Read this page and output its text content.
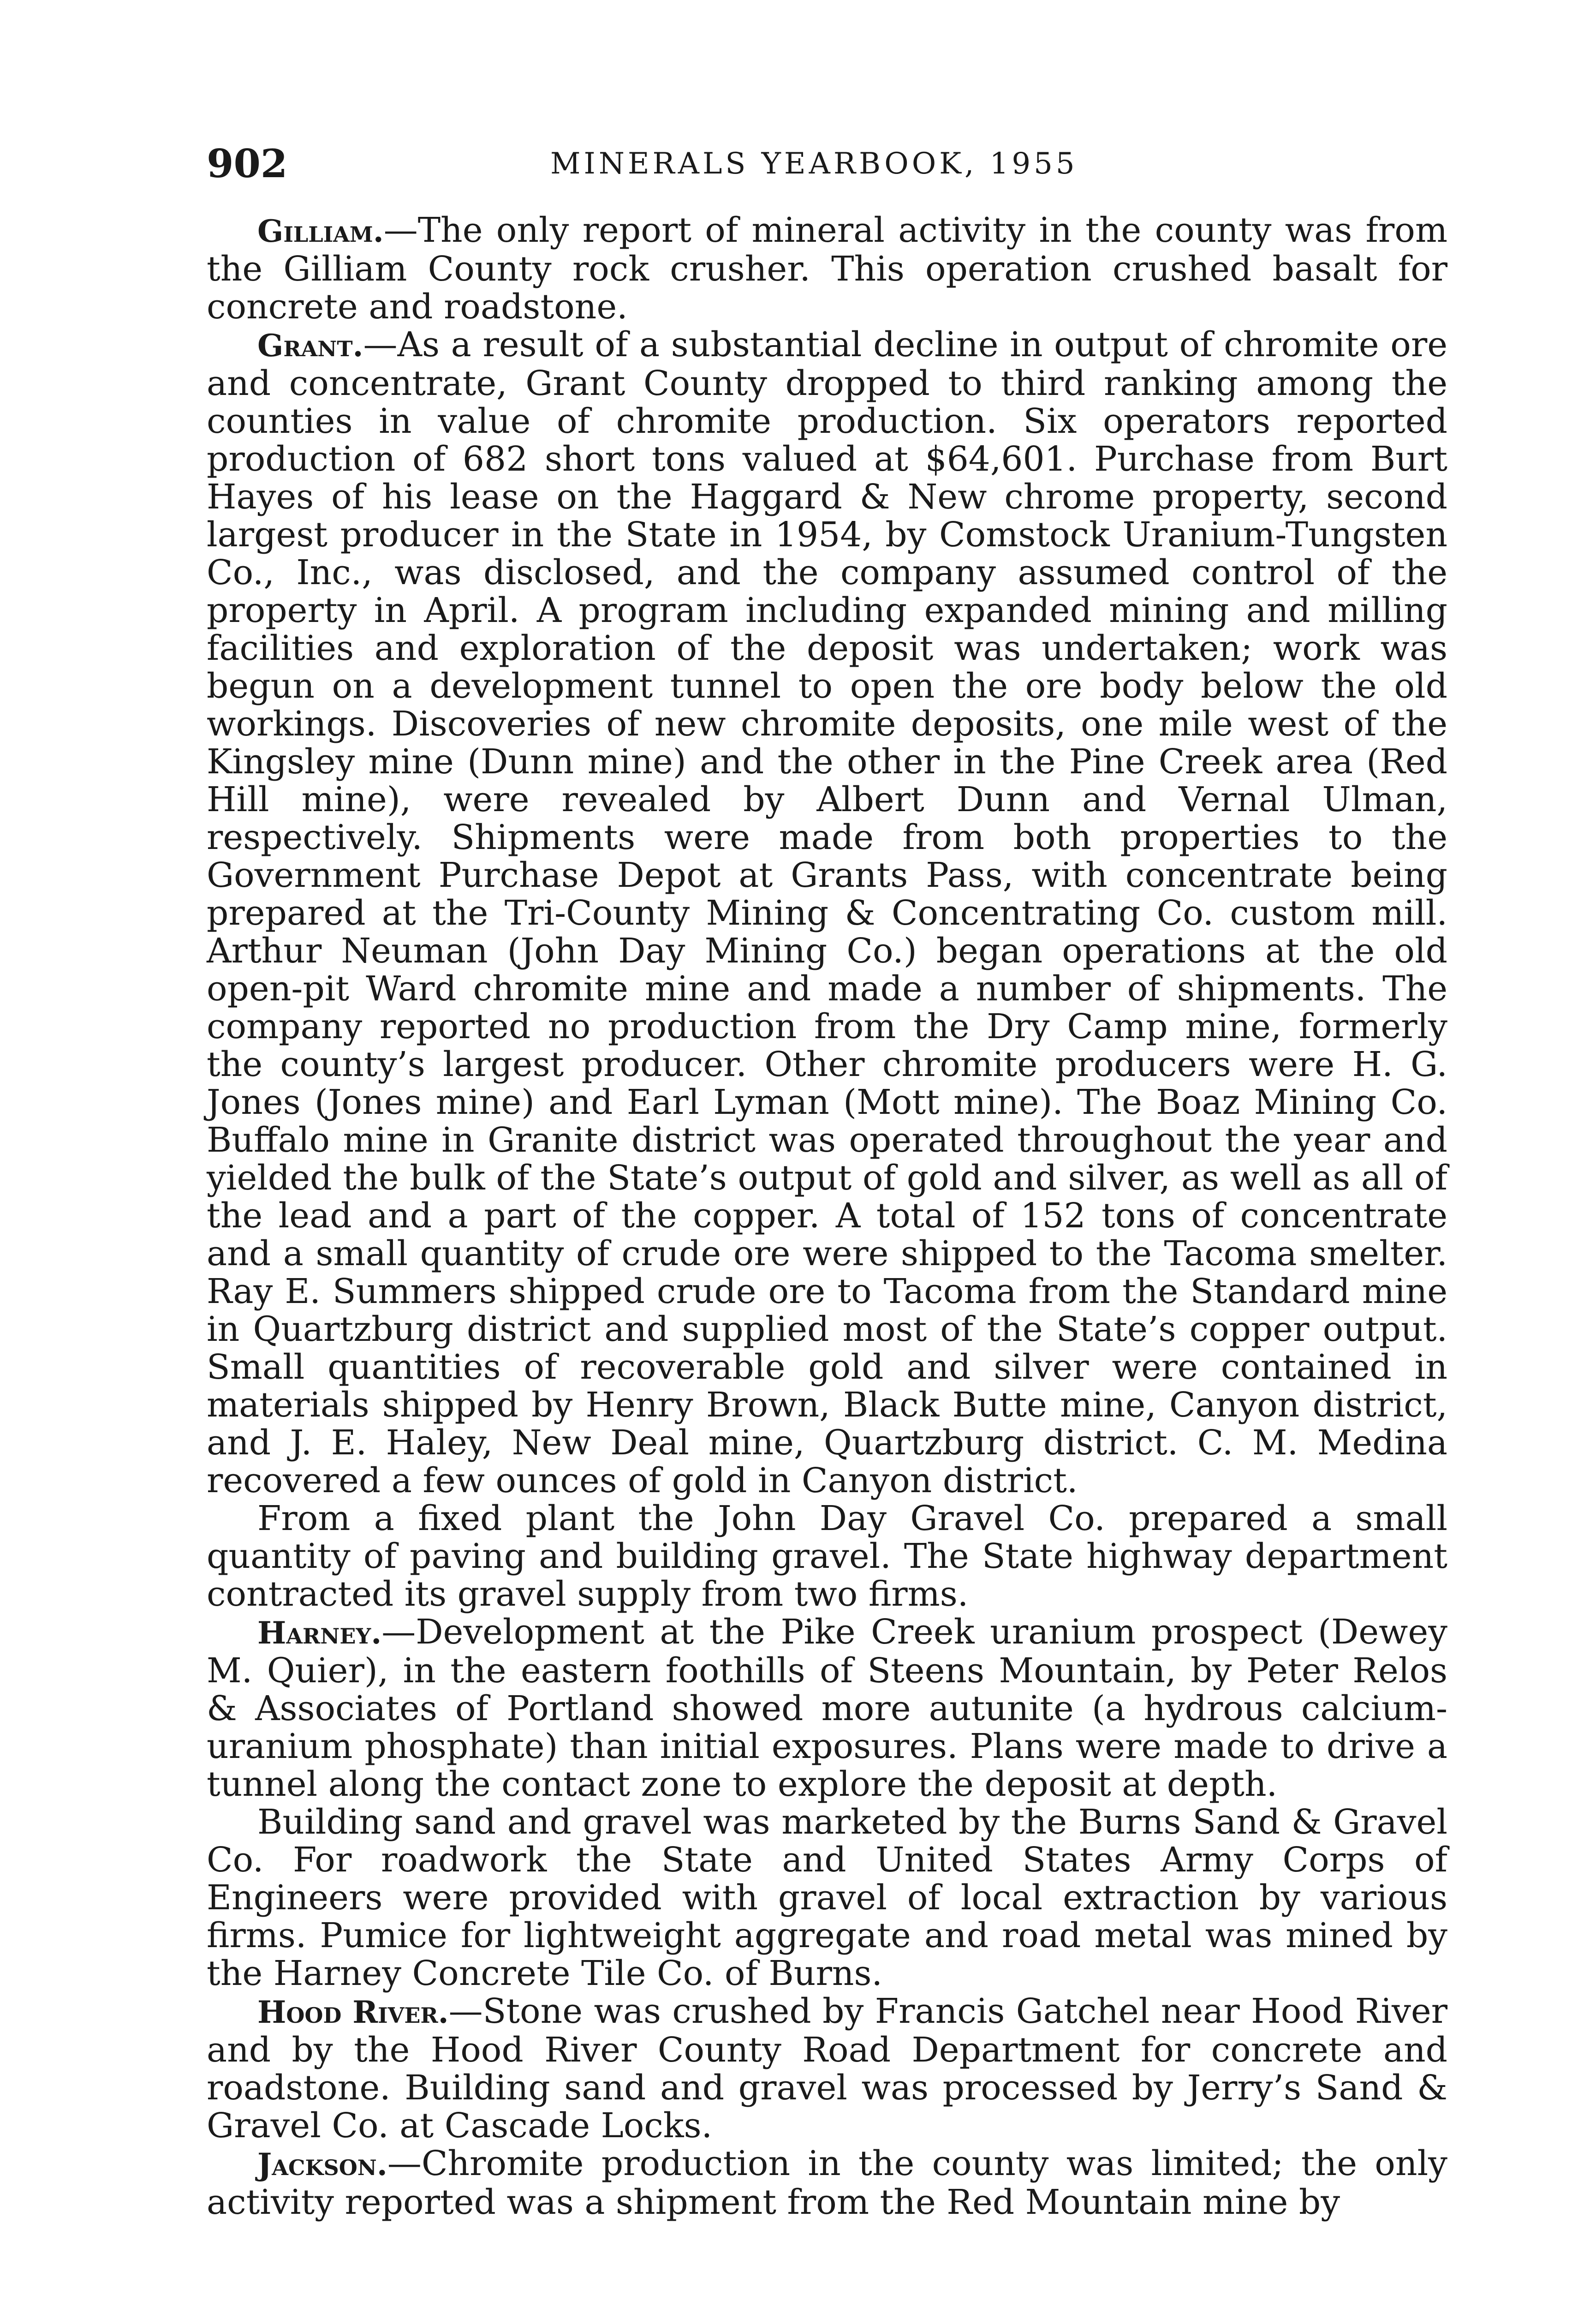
902	MINERALS YEARBOOK, 1955

Gilliam.—The only report of mineral activity in the county was from the Gilliam County rock crusher. This operation crushed basalt for concrete and roadstone.

Grant.—As a result of a substantial decline in output of chromite ore and concentrate, Grant County dropped to third ranking among the counties in value of chromite production. Six operators reported production of 682 short tons valued at $64,601. Purchase from Burt Hayes of his lease on the Haggard & New chrome property, second largest producer in the State in 1954, by Comstock Uranium-Tungsten Co., Inc., was disclosed, and the company assumed control of the property in April. A program including expanded mining and milling facilities and exploration of the deposit was undertaken; work was begun on a development tunnel to open the ore body below the old workings. Discoveries of new chromite deposits, one mile west of the Kingsley mine (Dunn mine) and the other in the Pine Creek area (Red Hill mine), were revealed by Albert Dunn and Vernal Ulman, respectively. Shipments were made from both properties to the Government Purchase Depot at Grants Pass, with concentrate being prepared at the Tri-County Mining & Concentrating Co. custom mill. Arthur Neuman (John Day Mining Co.) began operations at the old open-pit Ward chromite mine and made a number of shipments. The company reported no production from the Dry Camp mine, formerly the county’s largest producer. Other chromite producers were H. G. Jones (Jones mine) and Earl Lyman (Mott mine). The Boaz Mining Co. Buffalo mine in Granite district was operated throughout the year and yielded the bulk of the State’s output of gold and silver, as well as all of the lead and a part of the copper. A total of 152 tons of concentrate and a small quantity of crude ore were shipped to the Tacoma smelter. Ray E. Summers shipped crude ore to Tacoma from the Standard mine in Quartzburg district and supplied most of the State’s copper output. Small quantities of recoverable gold and silver were contained in materials shipped by Henry Brown, Black Butte mine, Canyon district, and J. E. Haley, New Deal mine, Quartzburg district. C. M. Medina recovered a few ounces of gold in Canyon district.

From a fixed plant the John Day Gravel Co. prepared a small quantity of paving and building gravel. The State highway department contracted its gravel supply from two firms.

Harney.—Development at the Pike Creek uranium prospect (Dewey M. Quier), in the eastern foothills of Steens Mountain, by Peter Relos & Associates of Portland showed more autunite (a hydrous calcium-uranium phosphate) than initial exposures. Plans were made to drive a tunnel along the contact zone to explore the deposit at depth.

Building sand and gravel was marketed by the Burns Sand & Gravel Co. For roadwork the State and United States Army Corps of Engineers were provided with gravel of local extraction by various firms. Pumice for lightweight aggregate and road metal was mined by the Harney Concrete Tile Co. of Burns.

Hood River.—Stone was crushed by Francis Gatchel near Hood River and by the Hood River County Road Department for concrete and roadstone. Building sand and gravel was processed by Jerry’s Sand & Gravel Co. at Cascade Locks.

Jackson.—Chromite production in the county was limited; the only activity reported was a shipment from the Red Mountain mine by
